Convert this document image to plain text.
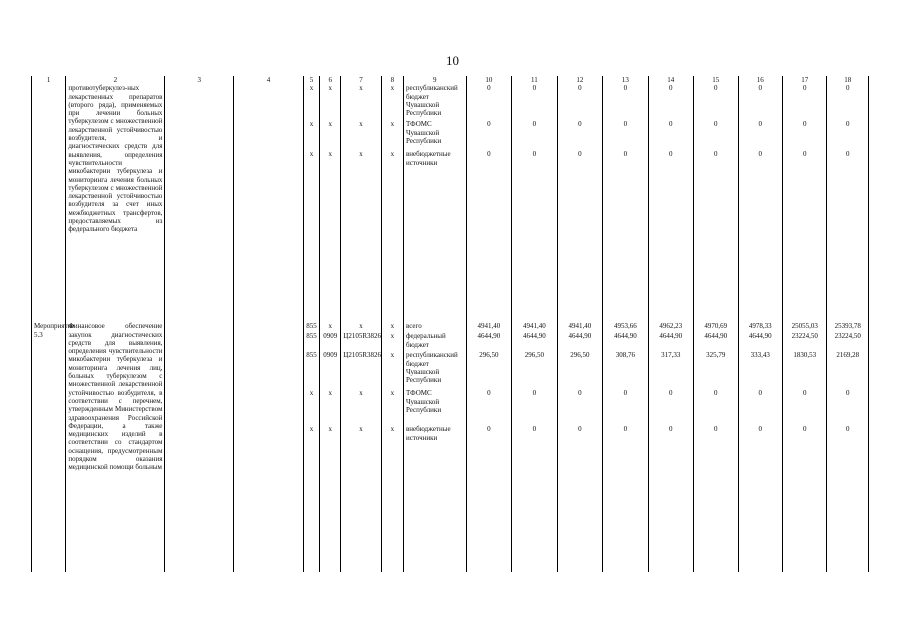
10
1	2	3	4	5	6	7	8	9	10	11	12	13	14	15	16	17	18
	противотуберкулез-ных лекарственных препаратов (второго ряда), применяемых при лечении больных туберкулезом с множественной лекарственной устойчивостью возбудителя, и диагностических средств для выявления, определения чувствительности микобактерии туберкулеза и мониторинга лечения больных туберкулезом с множественной лекарственной устойчивостью возбудителя за счет иных межбюджетных трансфертов, предоставляемых из федерального бюджета			х	х	х	х	республиканский бюджет Чувашской Республики	0	0	0	0	0	0	0	0	0
				х	х	х	х	ТФОМС Чувашской Республики	0	0	0	0	0	0	0	0	0
				х	х	х	х	внебюджетные источники	0	0	0	0	0	0	0	0	0
Мероприятие 5.3	Финансовое обеспечение закупок диагностических средств для выявления, определения чувствительности микобактерии туберкулеза и мониторинга лечения лиц, больных туберкулезом с множественной лекарственной устойчивостью возбудителя, в соответствии с перечнем, утвержденным Министерством здравоохранения Российской Федерации, а также медицинских изделий в соответствии со стандартом оснащения, предусмотренным порядком оказания медицинской помощи больным			855	х	х	х	всего	4941,40	4941,40	4941,40	4953,66	4962,23	4970,69	4978,33	25055,03	25393,78
				855	0909	Ц2105R3826	х	федеральный бюджет	4644,90	4644,90	4644,90	4644,90	4644,90	4644,90	4644,90	23224,50	23224,50
				855	0909	Ц2105R3826	х	республиканский бюджет Чувашской Республики	296,50	296,50	296,50	308,76	317,33	325,79	333,43	1830,53	2169,28
				х	х	х	х	ТФОМС Чувашской Республики	0	0	0	0	0	0	0	0	0
				х	х	х	х	внебюджетные источники	0	0	0	0	0	0	0	0	0
